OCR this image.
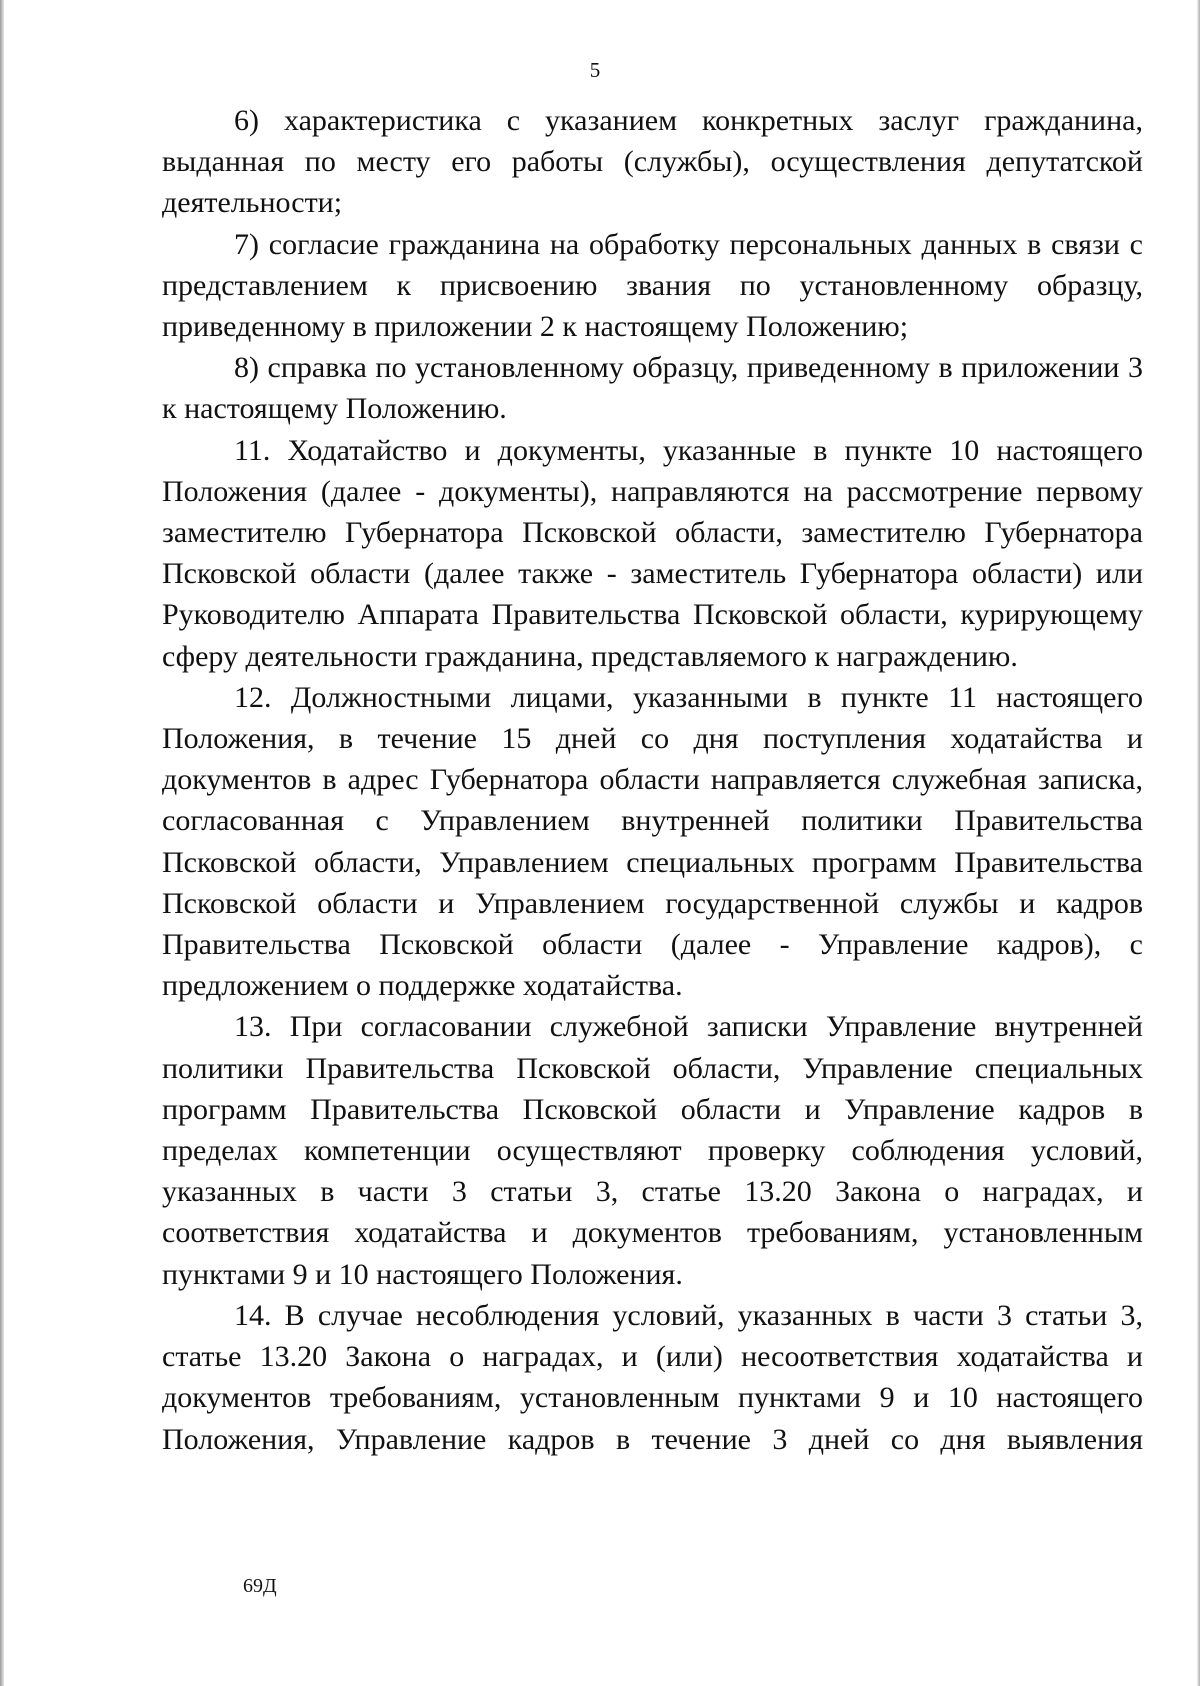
5

6) характеристика с указанием конкретных заслуг гражданина, выданная по месту его работы (службы), осуществления депутатской деятельности;

7) согласие гражданина на обработку персональных данных в связи с представлением к присвоению звания по установленному образцу, приведенному в приложении 2 к настоящему Положению;

8) справка по установленному образцу, приведенному в приложении 3 к настоящему Положению.

11. Ходатайство и документы, указанные в пункте 10 настоящего Положения (далее - документы), направляются на рассмотрение первому заместителю Губернатора Псковской области, заместителю Губернатора Псковской области (далее также - заместитель Губернатора области) или Руководителю Аппарата Правительства Псковской области, курирующему сферу деятельности гражданина, представляемого к награждению.

12. Должностными лицами, указанными в пункте 11 настоящего Положения, в течение 15 дней со дня поступления ходатайства и документов в адрес Губернатора области направляется служебная записка, согласованная с Управлением внутренней политики Правительства Псковской области, Управлением специальных программ Правительства Псковской области и Управлением государственной службы и кадров Правительства Псковской области (далее - Управление кадров), с предложением о поддержке ходатайства.

13. При согласовании служебной записки Управление внутренней политики Правительства Псковской области, Управление специальных программ Правительства Псковской области и Управление кадров в пределах компетенции осуществляют проверку соблюдения условий, указанных в части 3 статьи 3, статье 13.20 Закона о наградах, и соответствия ходатайства и документов требованиям, установленным пунктами 9 и 10 настоящего Положения.

14. В случае несоблюдения условий, указанных в части 3 статьи 3, статье 13.20 Закона о наградах, и (или) несоответствия ходатайства и документов требованиям, установленным пунктами 9 и 10 настоящего Положения, Управление кадров в течение 3 дней со дня выявления

69Д
